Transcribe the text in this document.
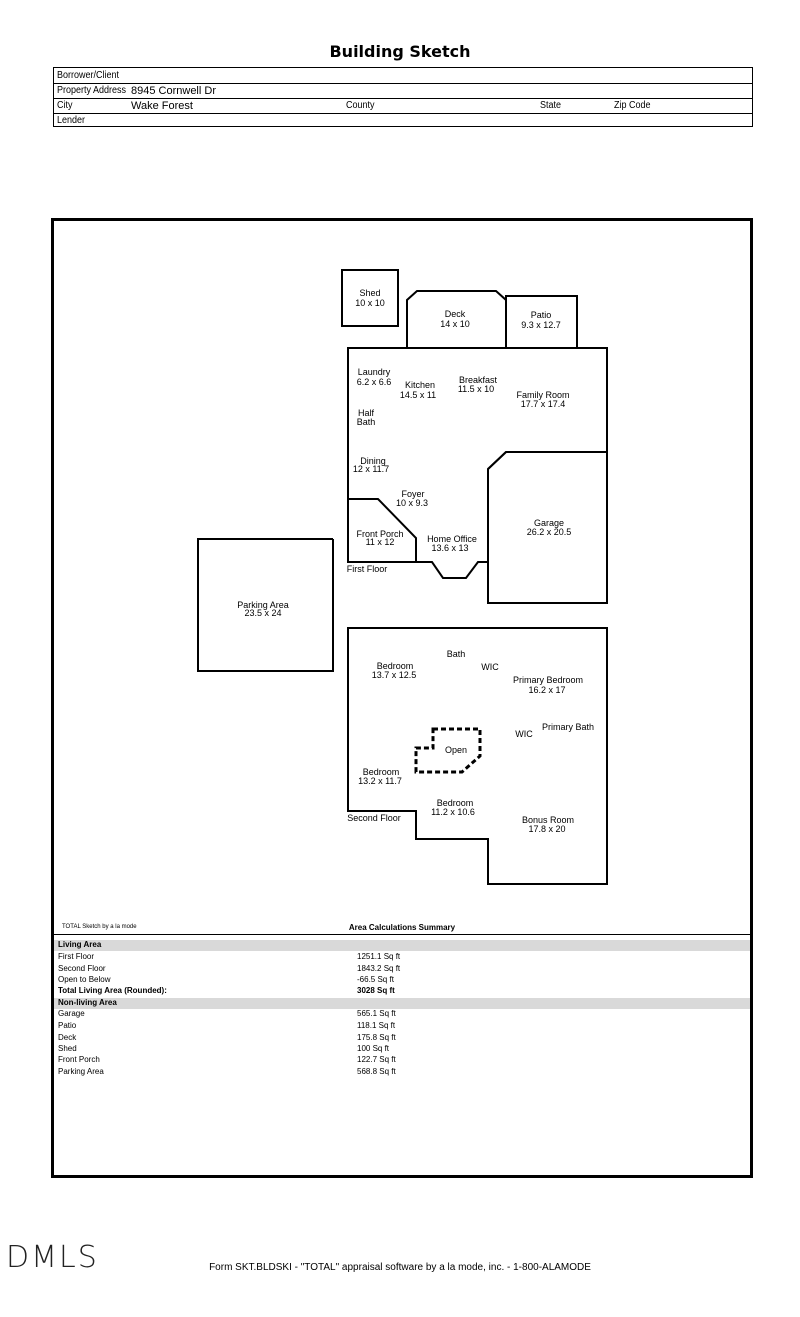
Building Sketch
Borrower/Client
Property Address 8945 Cornwell Dr
City	Wake Forest	County	State	Zip Code
Lender
Shed
10 x 10
Deck
14 x 10
Patio
9.3 x 12.7
Laundry
6.2 x 6.6 Kitchen
14.5 x 11
Breakfast
11.5 x 10
Family Room
17.7 x 17.4
Half
Bath
Dining
12 x 11.7
Foyer
10 x 9.3
Garage
26.2 x 20.5
Front Porch
11 x 12	Home Office
13.6 x 13
First Floor
Parking Area
23.5 x 24
Bath
Bedroom
13.7 x 12.5
WIC
Primary Bedroom
16.2 x 17
Primary Bath
WIC
Open
Bedroom
13.2 x 11.7
Bedroom
11.2 x 10.6
Bonus Room
17.8 x 20
Second Floor
TOTAL Sketch by a la mode	Area Calculations Summary
Living Area
First Floor	1251.1 Sq ft
Second Floor	1843.2 Sq ft
Open to Below	-66.5 Sq ft
Total Living Area (Rounded):	3028 Sq ft
Non-living Area
Garage	565.1 Sq ft
Patio	118.1 Sq ft
Deck	175.8 Sq ft
Shed	100 Sq ft
Front Porch	122.7 Sq ft
Parking Area	568.8 Sq ft
DMLS	Form SKT.BLDSKI - "TOTAL" appraisal software by a la mode, inc. - 1-800-ALAMODE
